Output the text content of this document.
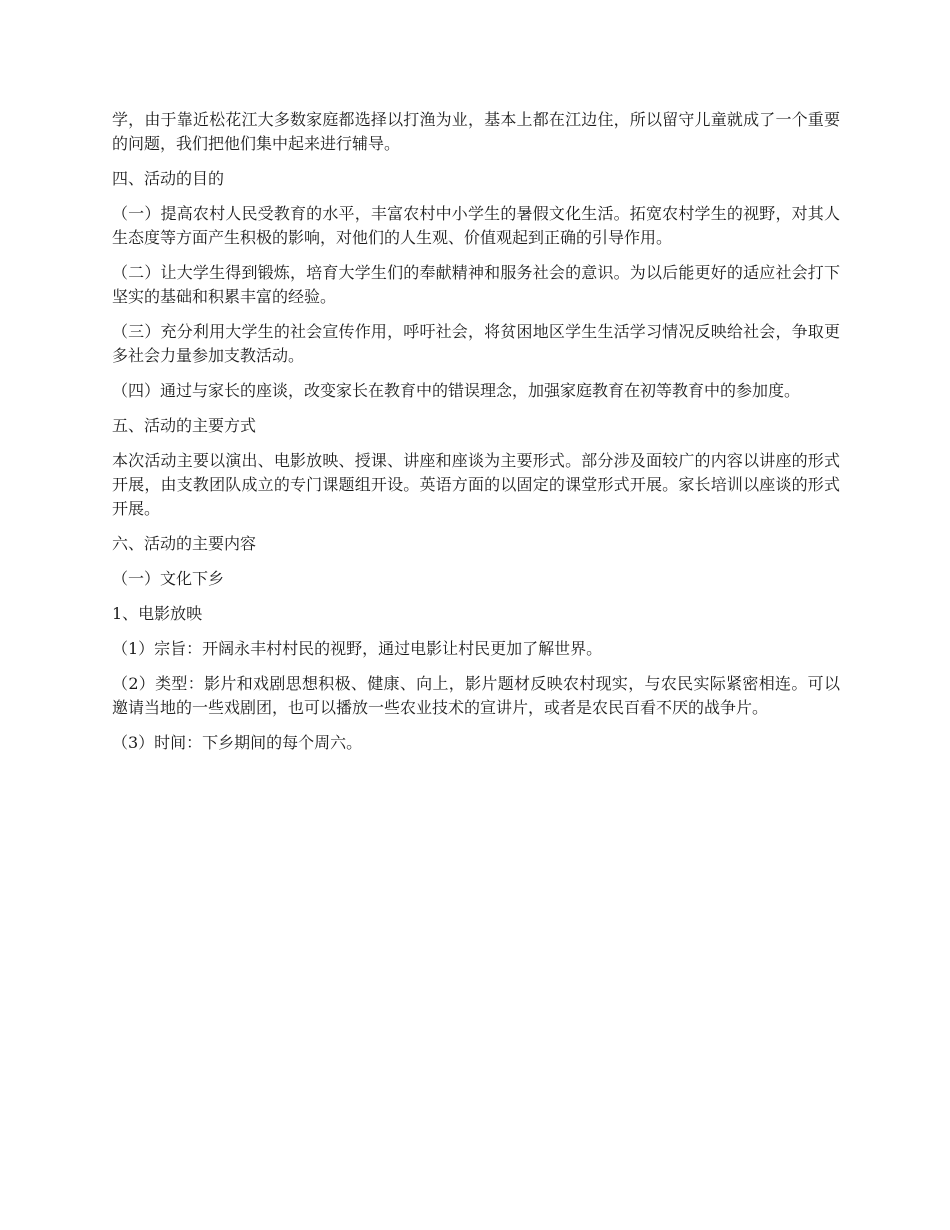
学，由于靠近松花江大多数家庭都选择以打渔为业，基本上都在江边住，所以留守儿童就成了一个重要的问题，我们把他们集中起来进行辅导。

四、活动的目的

（一）提高农村人民受教育的水平，丰富农村中小学生的暑假文化生活。拓宽农村学生的视野，对其人生态度等方面产生积极的影响，对他们的人生观、价值观起到正确的引导作用。

（二）让大学生得到锻炼，培育大学生们的奉献精神和服务社会的意识。为以后能更好的适应社会打下坚实的基础和积累丰富的经验。

（三）充分利用大学生的社会宣传作用，呼吁社会，将贫困地区学生生活学习情况反映给社会，争取更多社会力量参加支教活动。

（四）通过与家长的座谈，改变家长在教育中的错误理念，加强家庭教育在初等教育中的参加度。

五、活动的主要方式

本次活动主要以演出、电影放映、授课、讲座和座谈为主要形式。部分涉及面较广的内容以讲座的形式开展，由支教团队成立的专门课题组开设。英语方面的以固定的课堂形式开展。家长培训以座谈的形式开展。

六、活动的主要内容

（一）文化下乡

1、电影放映

（1）宗旨：开阔永丰村村民的视野，通过电影让村民更加了解世界。

（2）类型：影片和戏剧思想积极、健康、向上，影片题材反映农村现实，与农民实际紧密相连。可以邀请当地的一些戏剧团，也可以播放一些农业技术的宣讲片，或者是农民百看不厌的战争片。

（3）时间：下乡期间的每个周六。
